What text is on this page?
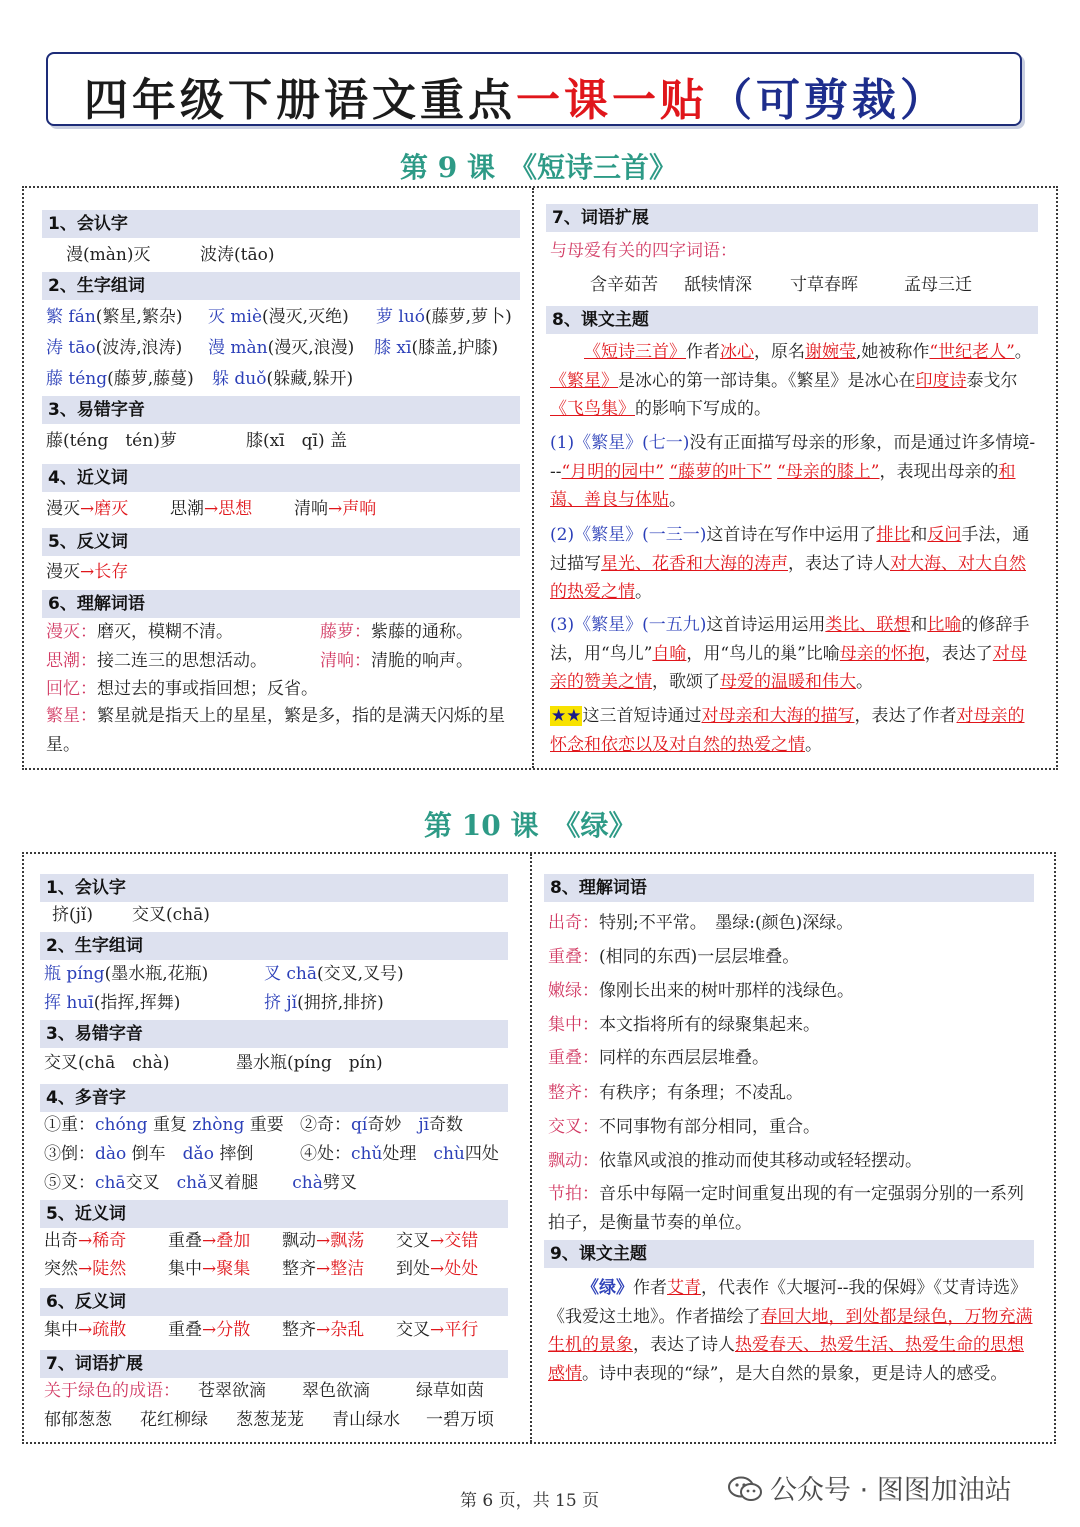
四年级下册语文重点一课一贴（可剪裁）
第 9 课　《短诗三首》
1、会认字
漫(màn)灭	波涛(tāo)
2、生字组词
繁 fán(繁星,繁杂) 灭 miè(漫灭,灭绝) 萝 luó(藤萝,萝卜)
涛 tāo(波涛,浪涛) 漫 màn(漫灭,浪漫) 膝 xī(膝盖,护膝)
藤 téng(藤萝,藤蔓) 躲 duǒ(躲藏,躲开)
3、易错字音
藤(téng　tén)萝	膝(xī　qī) 盖
4、近义词
漫灭→磨灭 思潮→思想 清响→声响
5、反义词
漫灭→长存
6、理解词语
漫灭：磨灭，模糊不清。	藤萝：紫藤的通称。
思潮：接二连三的思想活动。	清响：清脆的响声。
回忆：想过去的事或指回想；反省。
繁星：繁星就是指天上的星星，繁是多，指的是满天闪烁的星星。
7、词语扩展
与母爱有关的四字词语：
含辛茹苦 舐犊情深 寸草春晖	孟母三迁
8、课文主题
《短诗三首》作者冰心，原名谢婉莹,她被称作“世纪老人”。《繁星》是冰心的第一部诗集。《繁星》是冰心在印度诗泰戈尔《飞鸟集》的影响下写成的。
(1)《繁星》(七一)没有正面描写母亲的形象，而是通过许多情境---“月明的园中” “藤萝的叶下” “母亲的膝上”，表现出母亲的和蔼、善良与体贴。
(2)《繁星》(一三一)这首诗在写作中运用了排比和反问手法，通过描写星光、花香和大海的涛声，表达了诗人对大海、对大自然的热爱之情。
(3)《繁星》(一五九)这首诗运用运用类比、联想和比喻的修辞手法，用“鸟儿”自喻，用“鸟儿的巢”比喻母亲的怀抱，表达了对母亲的赞美之情，歌颂了母爱的温暖和伟大。
★★这三首短诗通过对母亲和大海的描写，表达了作者对母亲的怀念和依恋以及对自然的热爱之情。
第 10 课　《绿》
1、会认字
挤(jǐ) 交叉(chā)
2、生字组词
瓶 píng(墨水瓶,花瓶)	叉 chā(交叉,叉号)
挥 huī(指挥,挥舞)	挤 jǐ(拥挤,排挤)
3、易错字音
交叉(chā　chà)	墨水瓶(píng　pín)
4、多音字
①重：chóng 重复 zhòng 重要 ②奇：qí奇妙　 jī奇数
③倒：dào 倒车　 dǎo 摔倒	④处：chǔ处理　 chù四处
⑤叉：chā交叉　 chǎ叉着腿　　 chà劈叉
5、近义词
出奇→稀奇 重叠→叠加 飘动→飘荡 交叉→交错
突然→陡然 集中→聚集 整齐→整洁 到处→处处
6、反义词
集中→疏散 重叠→分散 整齐→杂乱 交叉→平行
7、词语扩展
关于绿色的成语： 苍翠欲滴 翠色欲滴	绿草如茵
郁郁葱葱 花红柳绿 葱葱茏茏 青山绿水 一碧万顷
8、理解词语
出奇：特别;不平常。　墨绿:(颜色)深绿。
重叠：(相同的东西)一层层堆叠。
嫩绿：像刚长出来的树叶那样的浅绿色。
集中：本文指将所有的绿聚集起来。
重叠：同样的东西层层堆叠。
整齐：有秩序；有条理；不凌乱。
交叉：不同事物有部分相同，重合。
飘动：依靠风或浪的推动而使其移动或轻轻摆动。
节拍：音乐中每隔一定时间重复出现的有一定强弱分别的一系列拍子，是衡量节奏的单位。
9、课文主题
《绿》作者艾青，代表作《大堰河--我的保姆》《艾青诗选》《我爱这土地》。作者描绘了春回大地，到处都是绿色，万物充满生机的景象，表达了诗人热爱春天、热爱生活、热爱生命的思想感情。诗中表现的“绿”，是大自然的景象，更是诗人的感受。
第 6 页，共 15 页	公众号 · 图图加油站
